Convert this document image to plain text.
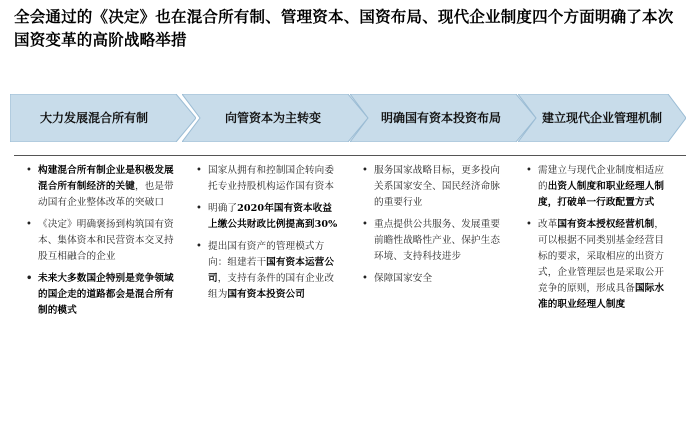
全会通过的《决定》也在混合所有制、管理资本、国资布局、现代企业制度四个方面明确了本次国资变革的高阶战略举措
大力发展混合所有制	向管资本为主转变	明确国有资本投资布局	建立现代企业管理机制
• 构建混合所有制企业是积极发展混合所有制经济的关键，也是带动国有企业整体改革的突破口
• 《决定》明确褒扬到构筑国有资本、集体资本和民营资本交叉持股互相融合的企业
• 未来大多数国企特别是竞争领域的国企走的道路都会是混合所有制的模式
• 国家从拥有和控制国企转向委托专业持股机构运作国有资本
• 明确了2020年国有资本收益上缴公共财政比例提高到30%
• 提出国有资产的管理模式方向：组建若干国有资本运营公司，支持有条件的国有企业改组为国有资本投资公司
• 服务国家战略目标，更多投向关系国家安全、国民经济命脉的重要行业
• 重点提供公共服务、发展重要前瞻性战略性产业、保护生态环境、支持科技进步
• 保障国家安全
• 需建立与现代企业制度相适应的出资人制度和职业经理人制度，打破单一行政配置方式
• 改革国有资本授权经营机制，可以根据不同类别基金经营目标的要求，采取相应的出资方式，企业管理层也是采取公开竞争的原则，形成具备国际水准的职业经理人制度
